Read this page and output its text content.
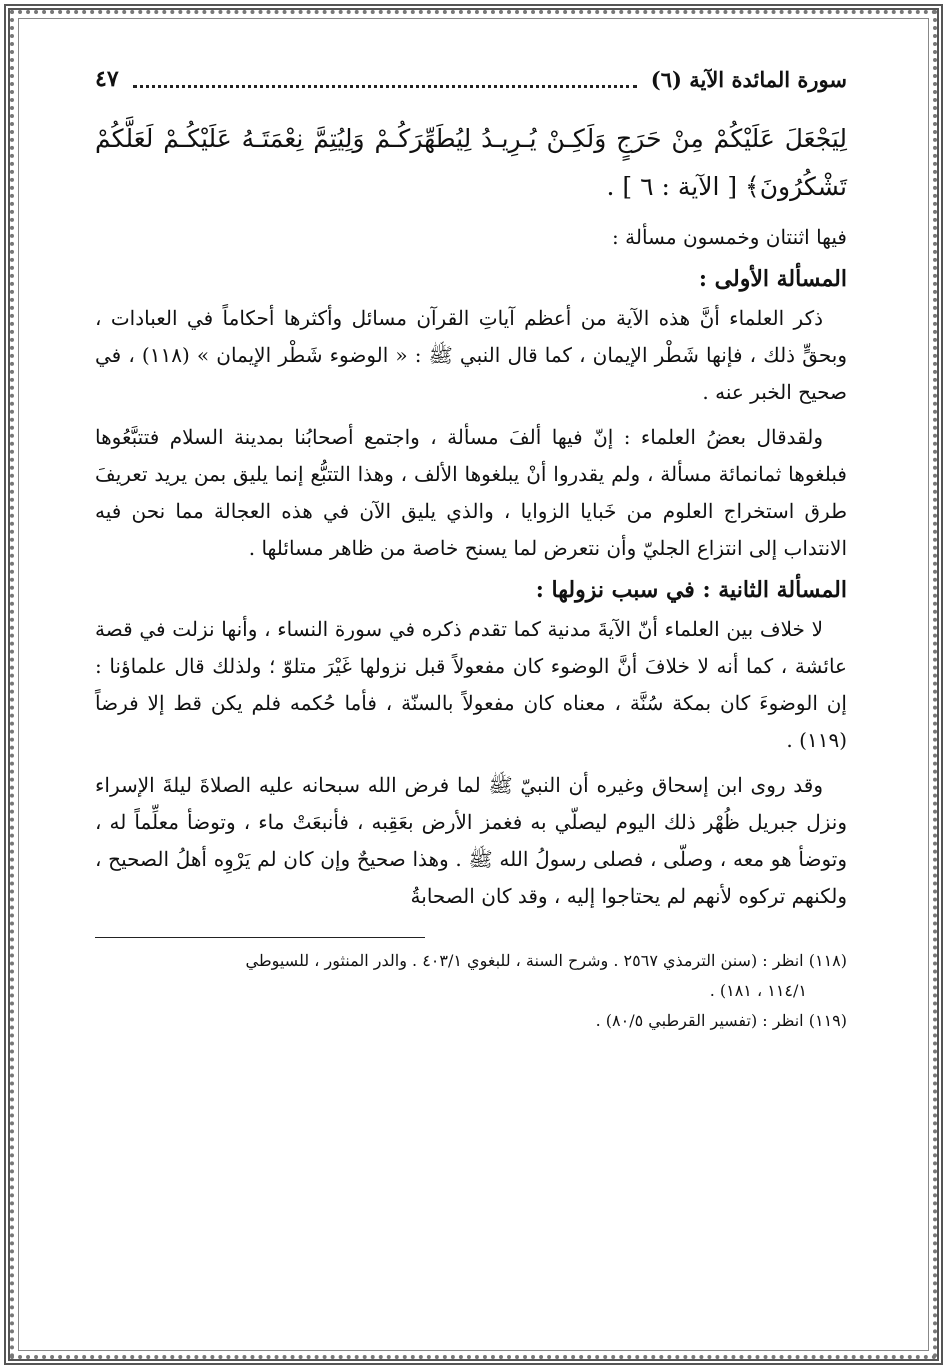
سورة المائدة الآية (٦)
٤٧
لِيَجْعَلَ عَلَيْكُمْ مِنْ حَرَجٍ وَلَكِـنْ يُـرِيـدُ لِيُطَهِّرَكُـمْ وَلِيُتِمَّ نِعْمَتَـهُ عَلَيْكُـمْ لَعَلَّكُمْ تَشْكُرُونَ﴾ [ الآية : ٦ ] .

فيها اثنتان وخمسون مسألة :

المسألة الأولى :

ذكر العلماء أنَّ هذه الآية من أعظم آياتِ القرآن مسائل وأكثرها أحكاماً في العبادات ، وبحقٍّ ذلك ، فإنها شَطْر الإيمان ، كما قال النبي ﷺ : « الوضوء شَطْر الإيمان » (١١٨) ، في صحيح الخبر عنه .

ولقدقال بعضُ العلماء : إنّ فيها ألفَ مسألة ، واجتمع أصحابُنا بمدينة السلام فتتبَّعُوها فبلغوها ثمانمائة مسألة ، ولم يقدروا أنْ يبلغوها الألف ، وهذا التتبُّع إنما يليق بمن يريد تعريفَ طرق استخراج العلوم من خَبايا الزوايا ، والذي يليق الآن في هذه العجالة مما نحن فيه الانتداب إلى انتزاع الجليّ وأن نتعرض لما يسنح خاصة من ظاهر مسائلها .

المسألة الثانية : في سبب نزولها :

لا خلاف بين العلماء أنّ الآيةَ مدنية كما تقدم ذكره في سورة النساء ، وأنها نزلت في قصة عائشة ، كما أنه لا خلافَ أنَّ الوضوء كان مفعولاً قبل نزولها غَيْرَ متلوّ ؛ ولذلك قال علماؤنا : إن الوضوءَ كان بمكة سُنَّة ، معناه كان مفعولاً بالسنّة ، فأما حُكمه فلم يكن قط إلا فرضاً (١١٩) .

وقد روى ابن إسحاق وغيره أن النبيّ ﷺ لما فرض الله سبحانه عليه الصلاةَ ليلةَ الإسراء ونزل جبريل ظُهْر ذلك اليوم ليصلّي به فغمز الأرض بعَقِبه ، فأنبعَتْ ماء ، وتوضأ معلِّماً له ، وتوضأ هو معه ، وصلّى ، فصلى رسولُ الله ﷺ . وهذا صحيحٌ وإن كان لم يَرْوِه أهلُ الصحيح ، ولكنهم تركوه لأنهم لم يحتاجوا إليه ، وقد كان الصحابةُ

(١١٨) انظر : (سنن الترمذي ٢٥٦٧ . وشرح السنة ، للبغوي ٤٠٣/١ . والدر المنثور ، للسيوطي
١١٤/١ ، ١٨١) .

(١١٩) انظر : (تفسير القرطبي ٨٠/٥) .
